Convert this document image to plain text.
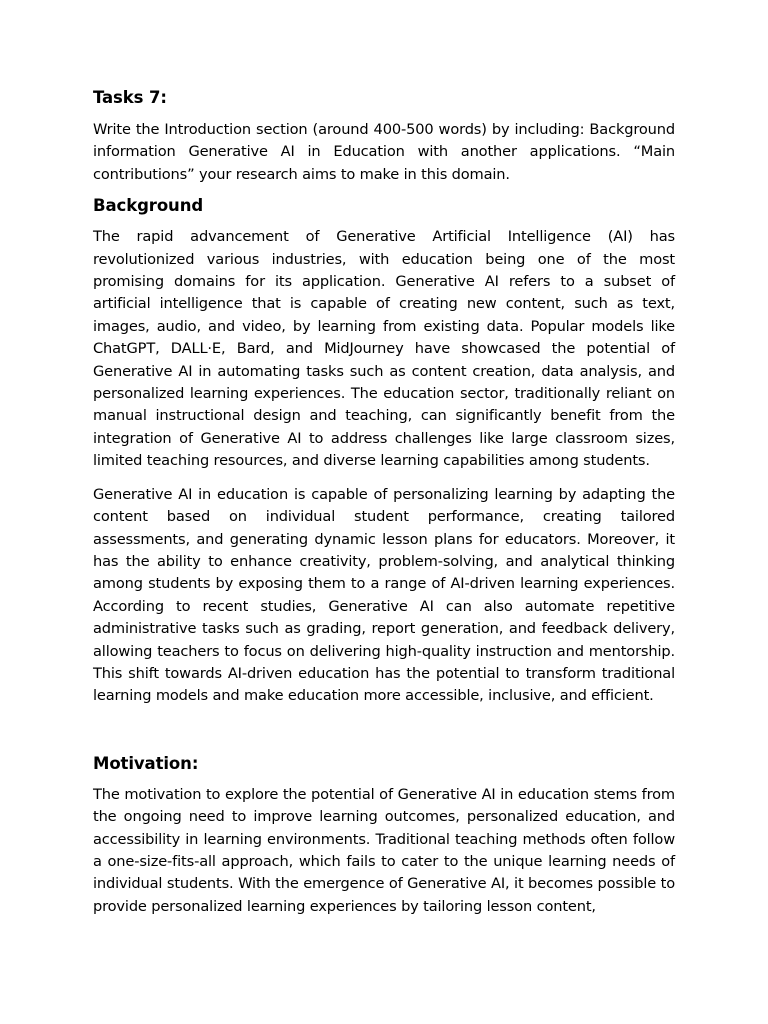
Tasks 7:

Write the Introduction section (around 400-500 words) by including: Background information Generative AI in Education with another applications. “Main contributions” your research aims to make in this domain.

Background

The rapid advancement of Generative Artificial Intelligence (AI) has revolutionized various industries, with education being one of the most promising domains for its application. Generative AI refers to a subset of artificial intelligence that is capable of creating new content, such as text, images, audio, and video, by learning from existing data. Popular models like ChatGPT, DALL·E, Bard, and MidJourney have showcased the potential of Generative AI in automating tasks such as content creation, data analysis, and personalized learning experiences. The education sector, traditionally reliant on manual instructional design and teaching, can significantly benefit from the integration of Generative AI to address challenges like large classroom sizes, limited teaching resources, and diverse learning capabilities among students.

Generative AI in education is capable of personalizing learning by adapting the content based on individual student performance, creating tailored assessments, and generating dynamic lesson plans for educators. Moreover, it has the ability to enhance creativity, problem-solving, and analytical thinking among students by exposing them to a range of AI-driven learning experiences. According to recent studies, Generative AI can also automate repetitive administrative tasks such as grading, report generation, and feedback delivery, allowing teachers to focus on delivering high-quality instruction and mentorship. This shift towards AI-driven education has the potential to transform traditional learning models and make education more accessible, inclusive, and efficient.

Motivation:

The motivation to explore the potential of Generative AI in education stems from the ongoing need to improve learning outcomes, personalized education, and accessibility in learning environments. Traditional teaching methods often follow a one-size-fits-all approach, which fails to cater to the unique learning needs of individual students. With the emergence of Generative AI, it becomes possible to provide personalized learning experiences by tailoring lesson content,
